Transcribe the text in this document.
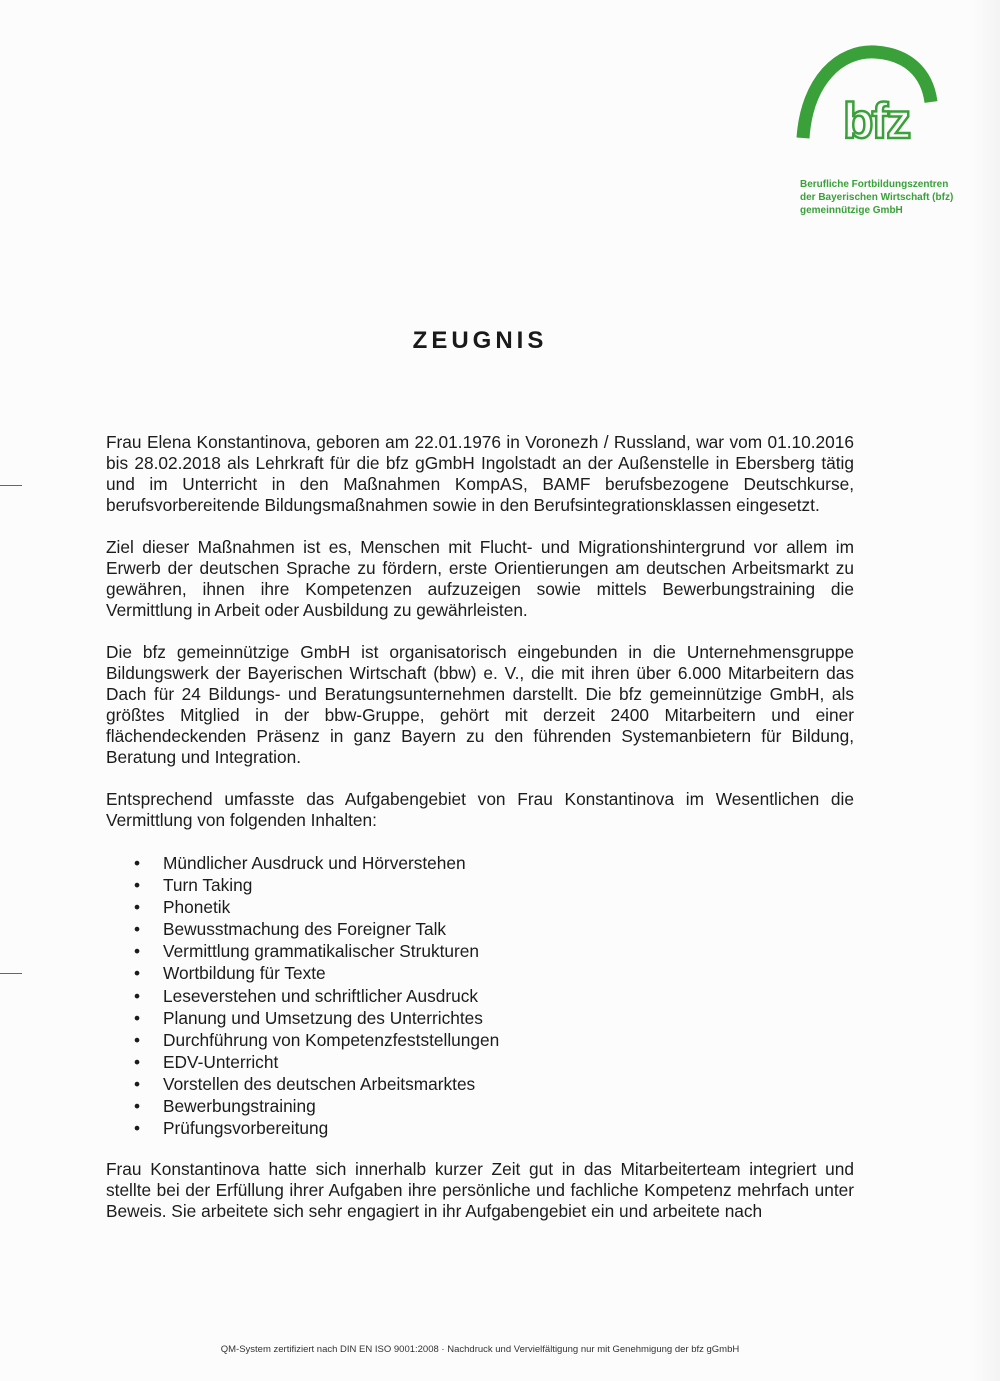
bfz
Berufliche Fortbildungszentren
der Bayerischen Wirtschaft (bfz)
gemeinnützige GmbH
ZEUGNIS

Frau Elena Konstantinova, geboren am 22.01.1976 in Voronezh / Russland, war vom 01.10.2016 bis 28.02.2018 als Lehrkraft für die bfz gGmbH Ingolstadt an der Außenstelle in Ebersberg tätig und im Unterricht in den Maßnahmen KompAS, BAMF berufsbezogene Deutschkurse, berufsvorbereitende Bildungsmaßnahmen sowie in den Berufsintegrationsklassen eingesetzt.

Ziel dieser Maßnahmen ist es, Menschen mit Flucht- und Migrationshintergrund vor allem im Erwerb der deutschen Sprache zu fördern, erste Orientierungen am deutschen Arbeitsmarkt zu gewähren, ihnen ihre Kompetenzen aufzuzeigen sowie mittels Bewerbungstraining die Vermittlung in Arbeit oder Ausbildung zu gewährleisten.

Die bfz gemeinnützige GmbH ist organisatorisch eingebunden in die Unternehmensgruppe Bildungswerk der Bayerischen Wirtschaft (bbw) e. V., die mit ihren über 6.000 Mitarbeitern das Dach für 24 Bildungs- und Beratungsunternehmen darstellt. Die bfz gemeinnützige GmbH, als größtes Mitglied in der bbw-Gruppe, gehört mit derzeit 2400 Mitarbeitern und einer flächendeckenden Präsenz in ganz Bayern zu den führenden Systemanbietern für Bildung, Beratung und Integration.

Entsprechend umfasste das Aufgabengebiet von Frau Konstantinova im Wesentlichen die Vermittlung von folgenden Inhalten:

• Mündlicher Ausdruck und Hörverstehen
• Turn Taking
• Phonetik
• Bewusstmachung des Foreigner Talk
• Vermittlung grammatikalischer Strukturen
• Wortbildung für Texte
• Leseverstehen und schriftlicher Ausdruck
• Planung und Umsetzung des Unterrichtes
• Durchführung von Kompetenzfeststellungen
• EDV-Unterricht
• Vorstellen des deutschen Arbeitsmarktes
• Bewerbungstraining
• Prüfungsvorbereitung

Frau Konstantinova hatte sich innerhalb kurzer Zeit gut in das Mitarbeiterteam integriert und stellte bei der Erfüllung ihrer Aufgaben ihre persönliche und fachliche Kompetenz mehrfach unter Beweis. Sie arbeitete sich sehr engagiert in ihr Aufgabengebiet ein und arbeitete nach

QM-System zertifiziert nach DIN EN ISO 9001:2008 · Nachdruck und Vervielfältigung nur mit Genehmigung der bfz gGmbH
